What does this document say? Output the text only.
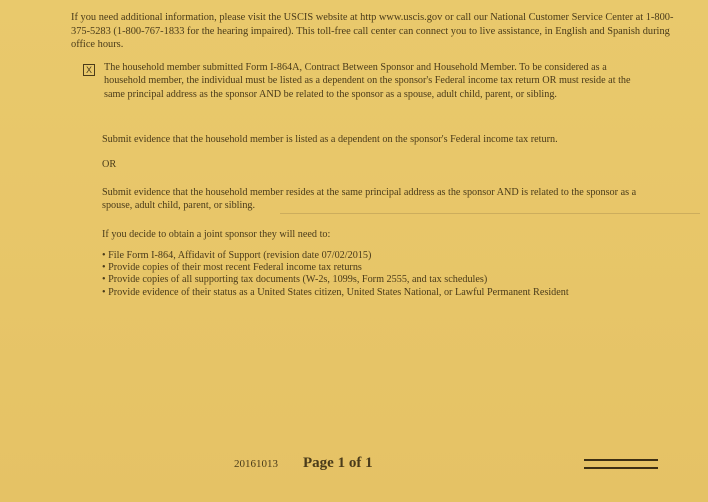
If you need additional information, please visit the USCIS website at http www.uscis.gov or call our National Customer Service Center at 1-800-375-5283 (1-800-767-1833 for the hearing impaired). This toll-free call center can connect you to live assistance, in English and Spanish during office hours.
X The household member submitted Form I-864A, Contract Between Sponsor and Household Member. To be considered as a household member, the individual must be listed as a dependent on the sponsor's Federal income tax return OR must reside at the same principal address as the sponsor AND be related to the sponsor as a spouse, adult child, parent, or sibling.
Submit evidence that the household member is listed as a dependent on the sponsor's Federal income tax return.
OR
Submit evidence that the household member resides at the same principal address as the sponsor AND is related to the sponsor as a spouse, adult child, parent, or sibling.
If you decide to obtain a joint sponsor they will need to:
• File Form I-864, Affidavit of Support (revision date 07/02/2015)
• Provide copies of their most recent Federal income tax returns
• Provide copies of all supporting tax documents (W-2s, 1099s, Form 2555, and tax schedules)
• Provide evidence of their status as a United States citizen, United States National, or Lawful Permanent Resident
20161013 Page 1 of 1
